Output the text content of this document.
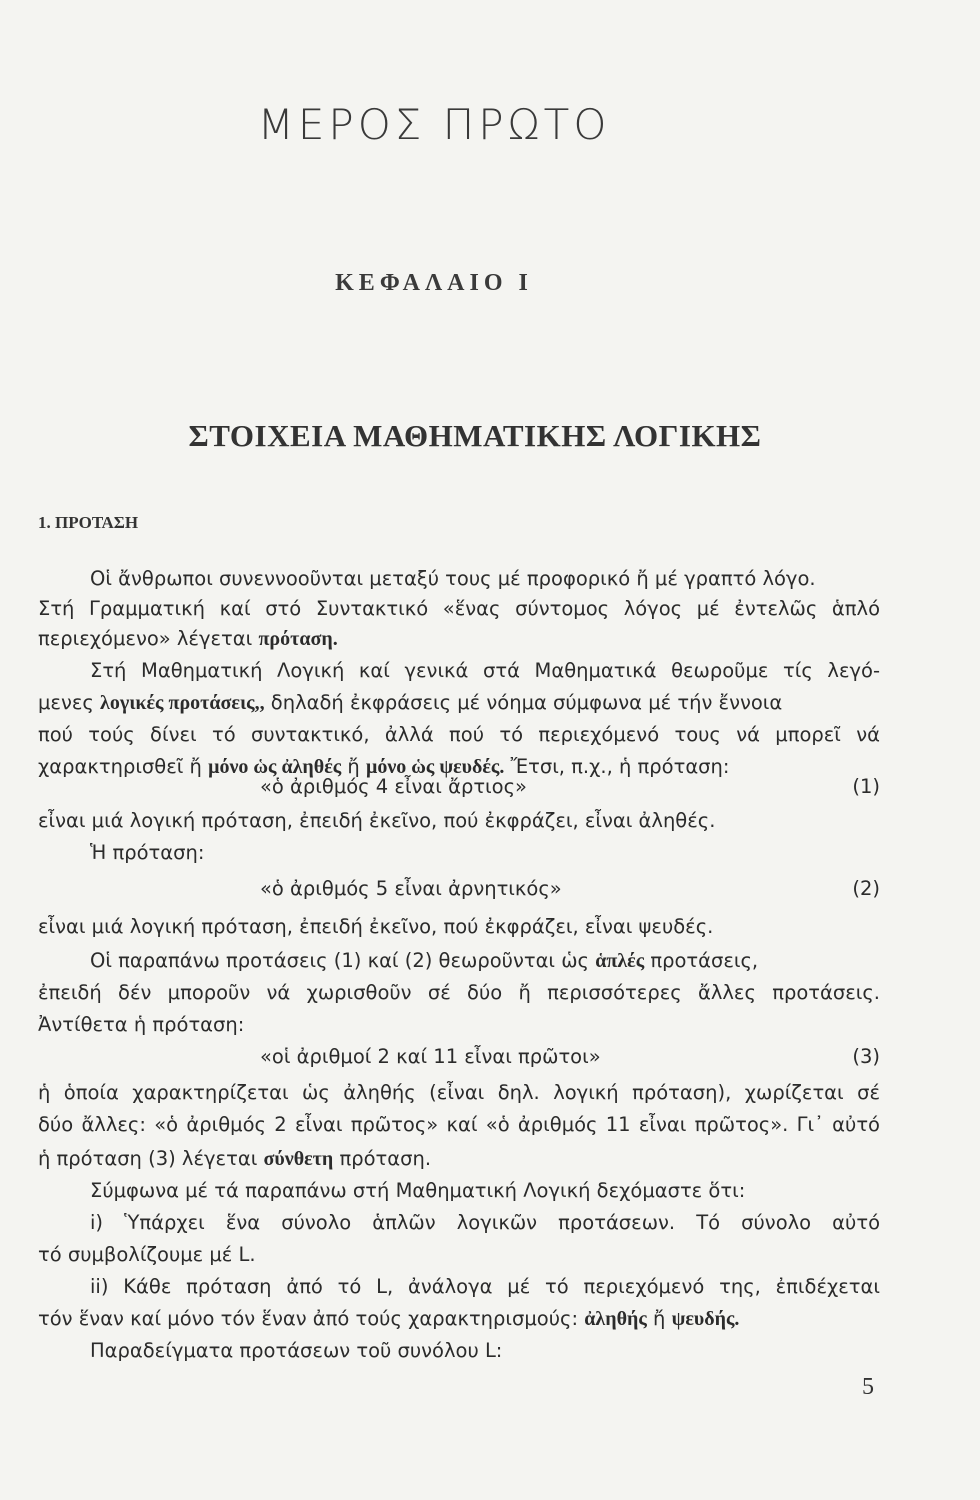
ΜΕΡΟΣ ΠΡΩΤΟ
ΚΕΦΑΛΑΙΟ Ι
ΣΤΟΙΧΕΙΑ ΜΑΘΗΜΑΤΙΚΗΣ ΛΟΓΙΚΗΣ
1. ΠΡΟΤΑΣΗ
Οἱ ἄνθρωποι συνεννοοῦνται μεταξύ τους μέ προφορικό ἤ μέ γραπτό λόγο.
Στή Γραμματική καί στό Συντακτικό «ἕνας σύντομος λόγος μέ ἐντελῶς ἁπλό
περιεχόμενο» λέγεται πρόταση.
Στή Μαθηματική Λογική καί γενικά στά Μαθηματικά θεωροῦμε τίς λεγό-
μενες λογικές προτάσεις,, δηλαδή ἐκφράσεις μέ νόημα σύμφωνα μέ τήν ἔννοια
πού τούς δίνει τό συντακτικό, ἀλλά πού τό περιεχόμενό τους νά μπορεῖ νά
χαρακτηρισθεῖ ἤ μόνο ὡς ἀληθές ἤ μόνο ὡς ψευδές. Ἔτσι, π.χ., ἡ πρόταση:
«ὁ ἀριθμός 4 εἶναι ἄρτιος»	(1)
εἶναι μιά λογική πρόταση, ἐπειδή ἐκεῖνο, πού ἐκφράζει, εἶναι ἀληθές.
Ἡ πρόταση:
«ὁ ἀριθμός 5 εἶναι ἀρνητικός»	(2)
εἶναι μιά λογική πρόταση, ἐπειδή ἐκεῖνο, πού ἐκφράζει, εἶναι ψευδές.
Οἱ παραπάνω προτάσεις (1) καί (2) θεωροῦνται ὡς ἁπλές προτάσεις,
ἐπειδή δέν μποροῦν νά χωρισθοῦν σέ δύο ἤ περισσότερες ἄλλες προτάσεις.
Ἀντίθετα ἡ πρόταση:
«οἱ ἀριθμοί 2 καί 11 εἶναι πρῶτοι»	(3)
ἡ ὁποία χαρακτηρίζεται ὡς ἀληθής (εἶναι δηλ. λογική πρόταση), χωρίζεται σέ
δύο ἄλλες: «ὁ ἀριθμός 2 εἶναι πρῶτος» καί «ὁ ἀριθμός 11 εἶναι πρῶτος». Γι᾽ αὐτό
ἡ πρόταση (3) λέγεται σύνθετη πρόταση.
Σύμφωνα μέ τά παραπάνω στή Μαθηματική Λογική δεχόμαστε ὅτι:
i) Ὑπάρχει ἕνα σύνολο ἁπλῶν λογικῶν προτάσεων. Τό σύνολο αὐτό
τό συμβολίζουμε μέ L.
ii) Κάθε πρόταση ἀπό τό L, ἀνάλογα μέ τό περιεχόμενό της, ἐπιδέχεται
τόν ἕναν καί μόνο τόν ἕναν ἀπό τούς χαρακτηρισμούς: ἀληθής ἤ ψευδής.
Παραδείγματα προτάσεων τοῦ συνόλου L:
5
